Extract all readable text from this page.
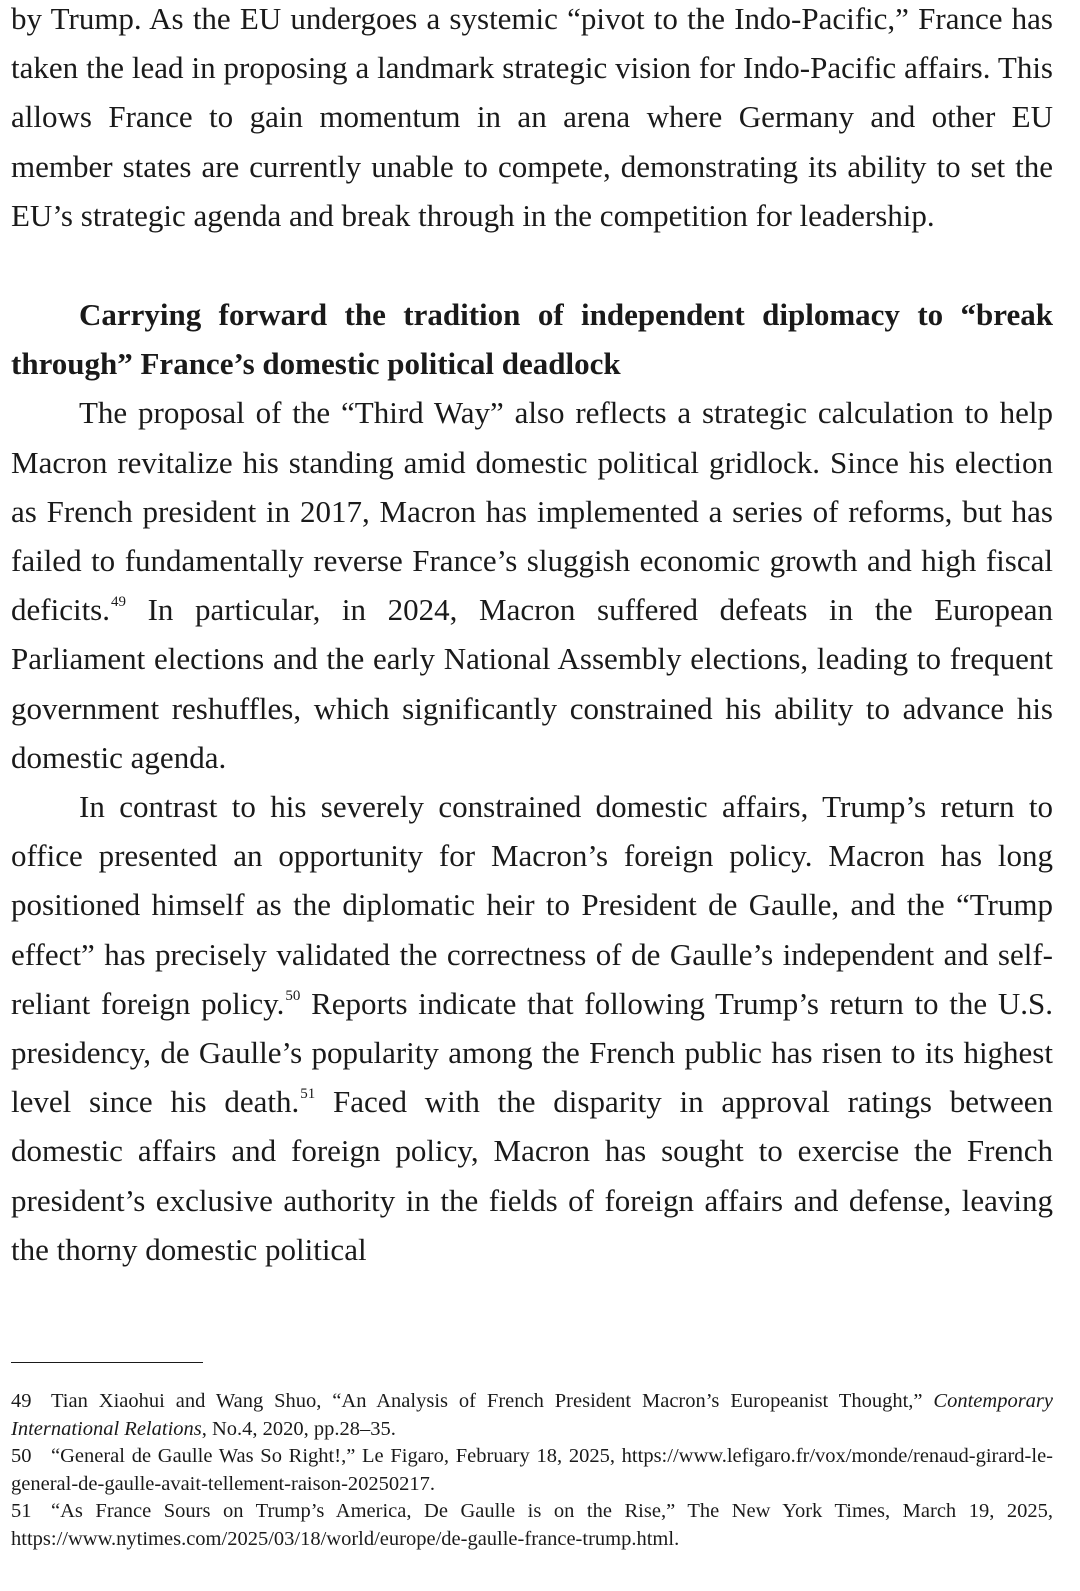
by Trump. As the EU undergoes a systemic “pivot to the Indo-Pacific,” France has taken the lead in proposing a landmark strategic vision for Indo-Pacific affairs. This allows France to gain momentum in an arena where Germany and other EU member states are currently unable to compete, demonstrating its ability to set the EU’s strategic agenda and break through in the competition for leadership.

Carrying forward the tradition of independent diplomacy to “break through” France’s domestic political deadlock

The proposal of the “Third Way” also reflects a strategic calculation to help Macron revitalize his standing amid domestic political gridlock. Since his election as French president in 2017, Macron has implemented a series of reforms, but has failed to fundamentally reverse France’s sluggish economic growth and high fiscal deficits.$^{49}$ In particular, in 2024, Macron suffered defeats in the European Parliament elections and the early National Assembly elections, leading to frequent government reshuffles, which significantly constrained his ability to advance his domestic agenda.

In contrast to his severely constrained domestic affairs, Trump’s return to office presented an opportunity for Macron’s foreign policy. Macron has long positioned himself as the diplomatic heir to President de Gaulle, and the “Trump effect” has precisely validated the correctness of de Gaulle’s independent and self-reliant foreign policy.$^{50}$ Reports indicate that following Trump’s return to the U.S. presidency, de Gaulle’s popularity among the French public has risen to its highest level since his death.$^{51}$ Faced with the disparity in approval ratings between domestic affairs and foreign policy, Macron has sought to exercise the French president’s exclusive authority in the fields of foreign affairs and defense, leaving the thorny domestic political

49 Tian Xiaohui and Wang Shuo, “An Analysis of French President Macron’s Europeanist Thought,” Contemporary International Relations, No.4, 2020, pp.28–35.

50 “General de Gaulle Was So Right!,” Le Figaro, February 18, 2025, https://www.lefigaro.fr/vox/monde/renaud-girard-le-general-de-gaulle-avait-tellement-raison-20250217.

51 “As France Sours on Trump’s America, De Gaulle is on the Rise,” The New York Times, March 19, 2025, https://www.nytimes.com/2025/03/18/world/europe/de-gaulle-france-trump.html.
